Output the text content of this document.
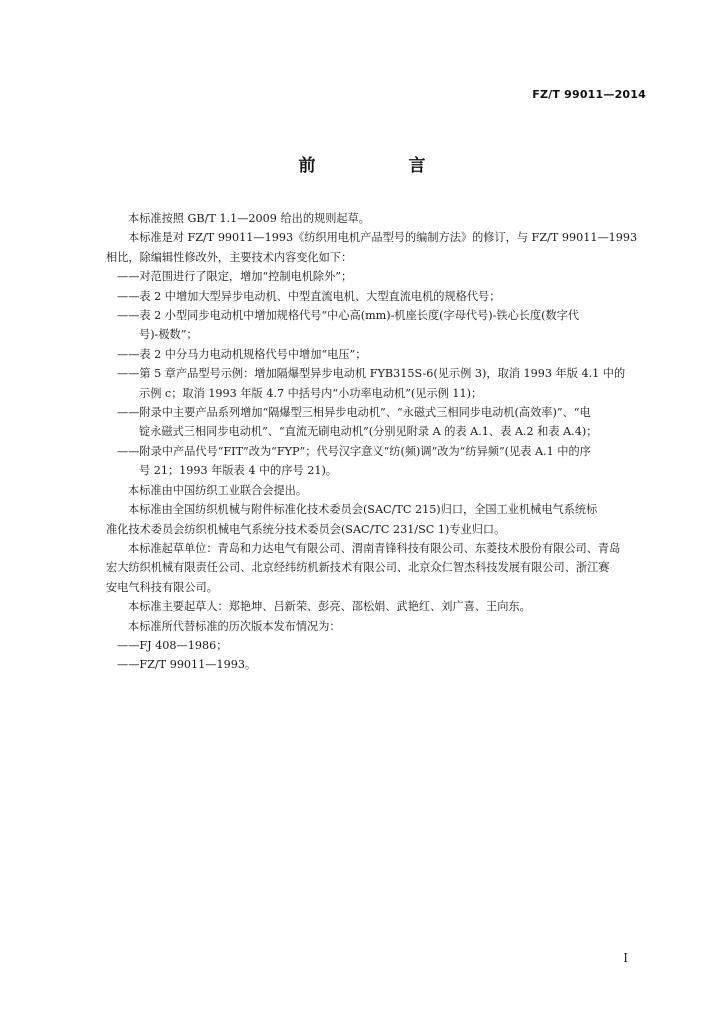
FZ/T 99011—2014
前　言

本标准按照 GB/T 1.1—2009 给出的规则起草。

本标准是对 FZ/T 99011—1993《纺织用电机产品型号的编制方法》的修订，与 FZ/T 99011—1993

相比，除编辑性修改外，主要技术内容变化如下：

——对范围进行了限定，增加“控制电机除外”；

——表 2 中增加大型异步电动机、中型直流电机、大型直流电机的规格代号；

——表 2 小型同步电动机中增加规格代号“中心高(mm)-机座长度(字母代号)-铁心长度(数字代

号)-极数”；

——表 2 中分马力电动机规格代号中增加“电压”；

——第 5 章产品型号示例：增加隔爆型异步电动机 FYB315S-6(见示例 3)，取消 1993 年版 4.1 中的

示例 c；取消 1993 年版 4.7 中括号内“小功率电动机”(见示例 11)；

——附录中主要产品系列增加“隔爆型三相异步电动机”、“永磁式三相同步电动机(高效率)”、“电

锭永磁式三相同步电动机”、“直流无刷电动机”(分别见附录 A 的表 A.1、表 A.2 和表 A.4)；

——附录中产品代号“FIT”改为“FYP”；代号汉字意义“纺(频)调”改为“纺异频”(见表 A.1 中的序

号 21；1993 年版表 4 中的序号 21)。

本标准由中国纺织工业联合会提出。

本标准由全国纺织机械与附件标准化技术委员会(SAC/TC 215)归口，全国工业机械电气系统标

准化技术委员会纺织机械电气系统分技术委员会(SAC/TC 231/SC 1)专业归口。

本标准起草单位：青岛和力达电气有限公司、渭南青锋科技有限公司、东菱技术股份有限公司、青岛

宏大纺织机械有限责任公司、北京经纬纺机新技术有限公司、北京众仁智杰科技发展有限公司、浙江赛

安电气科技有限公司。

本标准主要起草人：郑艳坤、吕新荣、彭亮、邵松娟、武艳红、刘广喜、王向东。

本标准所代替标准的历次版本发布情况为：

——FJ 408—1986；

——FZ/T 99011—1993。

I
